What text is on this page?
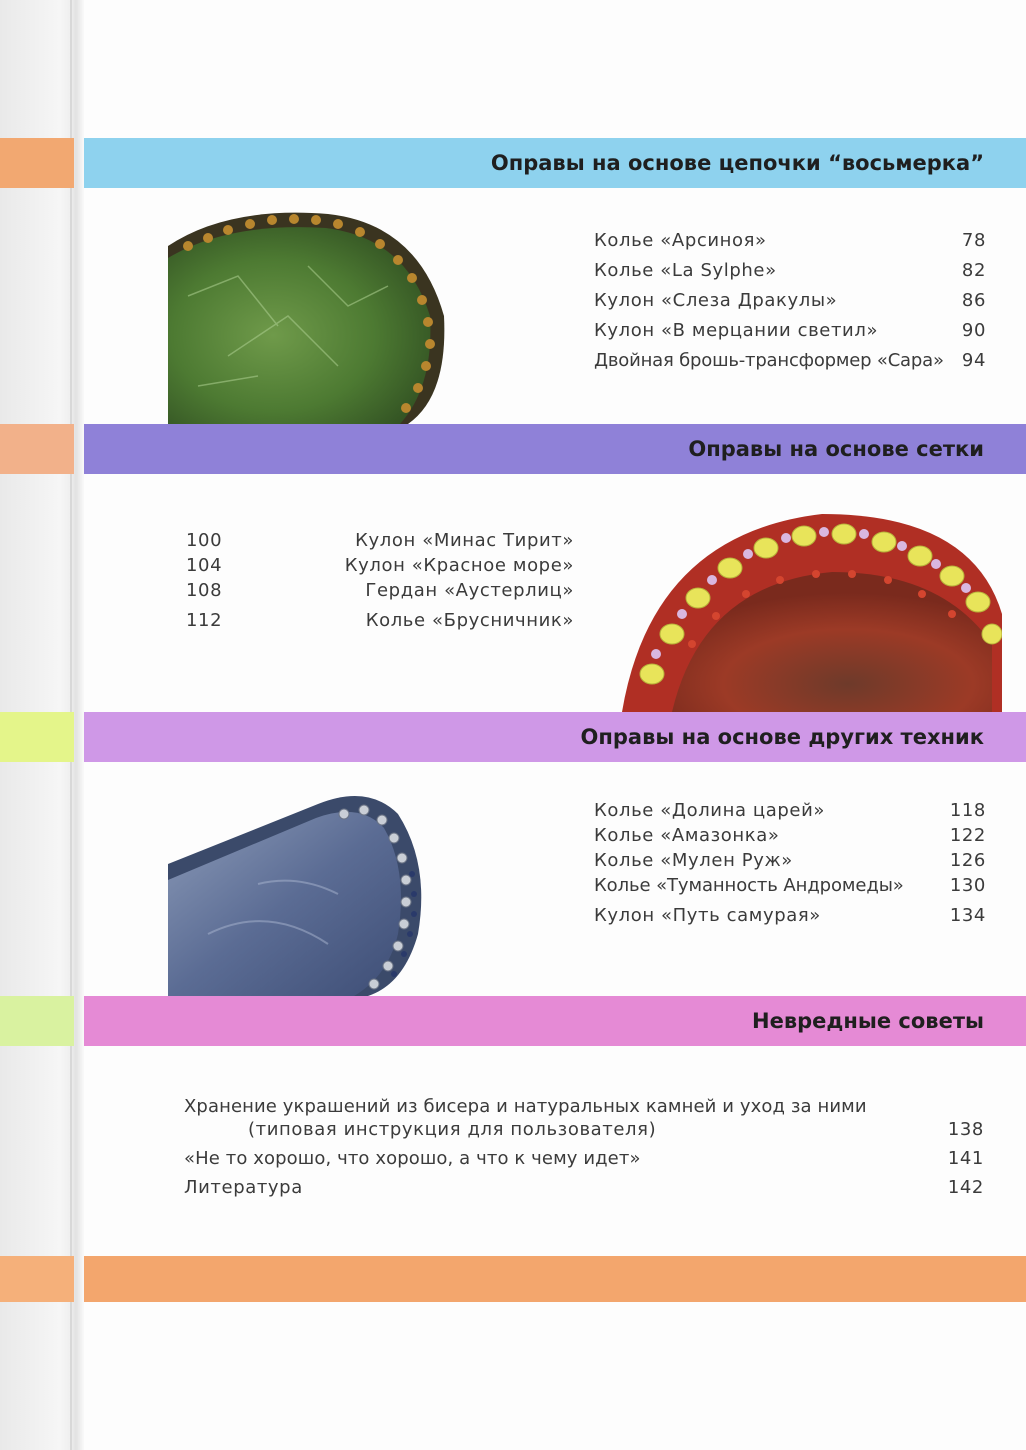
Оправы на основе цепочки “восьмерка”
Колье «Арсиноя»	78
Колье «La Sylphe»	82
Кулон «Слеза Дракулы»	86
Кулон «В мерцании светил»	90
Двойная брошь-трансформер «Сара» 94
Оправы на основе сетки
100	Кулон «Минас Тирит»
104	Кулон «Красное море»
108	Гердан «Аустерлиц»
112	Колье «Брусничник»
Оправы на основе других техник
Колье «Долина царей»	118
Колье «Амазонка»	122
Колье «Мулен Руж»	126
Колье «Туманность Андромеды»	130
Кулон «Путь самурая»	134
Невредные советы
Хранение украшений из бисера и натуральных камней и уход за ними
(типовая инструкция для пользователя)	138
«Не то хорошо, что хорошо, а что к чему идет»	141
Литература	142
